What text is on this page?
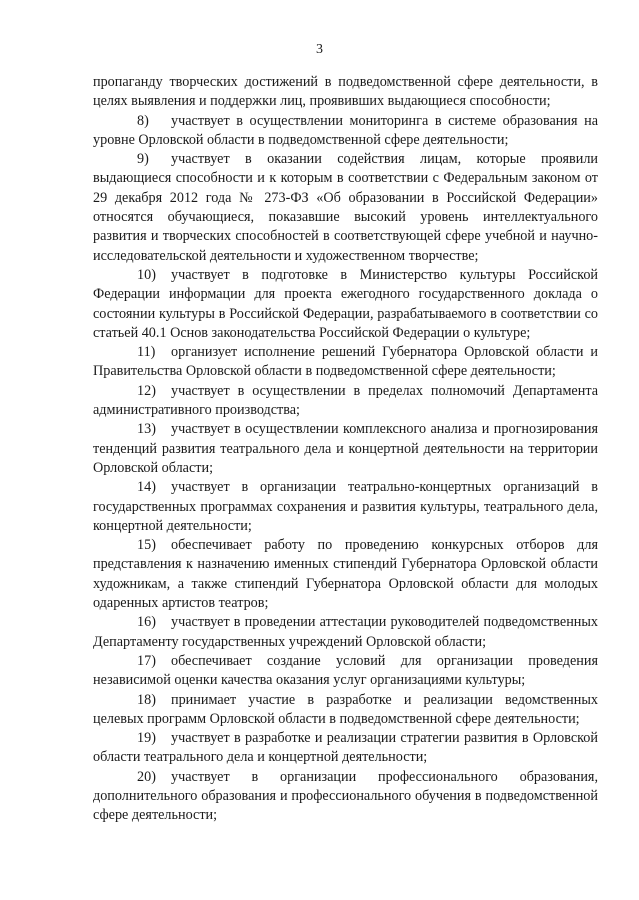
3

пропаганду творческих достижений в подведомственной сфере деятельности, в целях выявления и поддержки лиц, проявивших выдающиеся способности;

8) участвует в осуществлении мониторинга в системе образования на уровне Орловской области в подведомственной сфере деятельности;

9) участвует в оказании содействия лицам, которые проявили выдающиеся способности и к которым в соответствии с Федеральным законом от 29 декабря 2012 года № 273-ФЗ «Об образовании в Российской Федерации» относятся обучающиеся, показавшие высокий уровень интеллектуального развития и творческих способностей в соответствующей сфере учебной и научно-исследовательской деятельности и художественном творчестве;

10) участвует в подготовке в Министерство культуры Российской Федерации информации для проекта ежегодного государственного доклада о состоянии культуры в Российской Федерации, разрабатываемого в соответствии со статьей 40.1 Основ законодательства Российской Федерации о культуре;

11) организует исполнение решений Губернатора Орловской области и Правительства Орловской области в подведомственной сфере деятельности;

12) участвует в осуществлении в пределах полномочий Департамента административного производства;

13) участвует в осуществлении комплексного анализа и прогнозирования тенденций развития театрального дела и концертной деятельности на территории Орловской области;

14) участвует в организации театрально-концертных организаций в государственных программах сохранения и развития культуры, театрального дела, концертной деятельности;

15) обеспечивает работу по проведению конкурсных отборов для представления к назначению именных стипендий Губернатора Орловской области художникам, а также стипендий Губернатора Орловской области для молодых одаренных артистов театров;

16) участвует в проведении аттестации руководителей подведомственных Департаменту государственных учреждений Орловской области;

17) обеспечивает создание условий для организации проведения независимой оценки качества оказания услуг организациями культуры;

18) принимает участие в разработке и реализации ведомственных целевых программ Орловской области в подведомственной сфере деятельности;

19) участвует в разработке и реализации стратегии развития в Орловской области театрального дела и концертной деятельности;

20) участвует в организации профессионального образования, дополнительного образования и профессионального обучения в подведомственной сфере деятельности;
